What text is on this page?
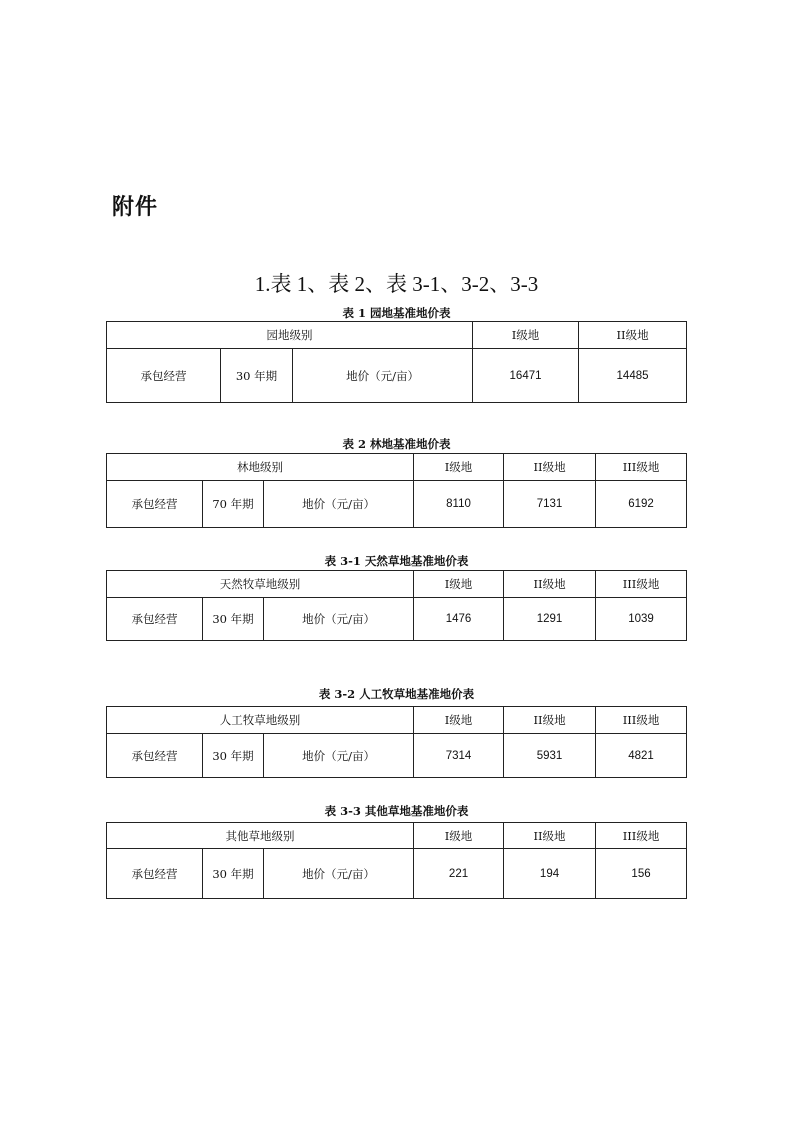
附件
1.表 1、表 2、表 3-1、3-2、3-3
表 1 园地基准地价表
园地级别			I级地	II级地
承包经营	30 年期	地价（元/亩）	16471	14485
表 2 林地基准地价表
林地级别			I级地	II级地	III级地
承包经营	70 年期	地价（元/亩）	8110	7131	6192
表 3-1 天然草地基准地价表
天然牧草地级别			I级地	II级地	III级地
承包经营	30 年期	地价（元/亩）	1476	1291	1039
表 3-2 人工牧草地基准地价表
人工牧草地级别			I级地	II级地	III级地
承包经营	30 年期	地价（元/亩）	7314	5931	4821
表 3-3 其他草地基准地价表
其他草地级别			I级地	II级地	III级地
承包经营	30 年期	地价（元/亩）	221	194	156
